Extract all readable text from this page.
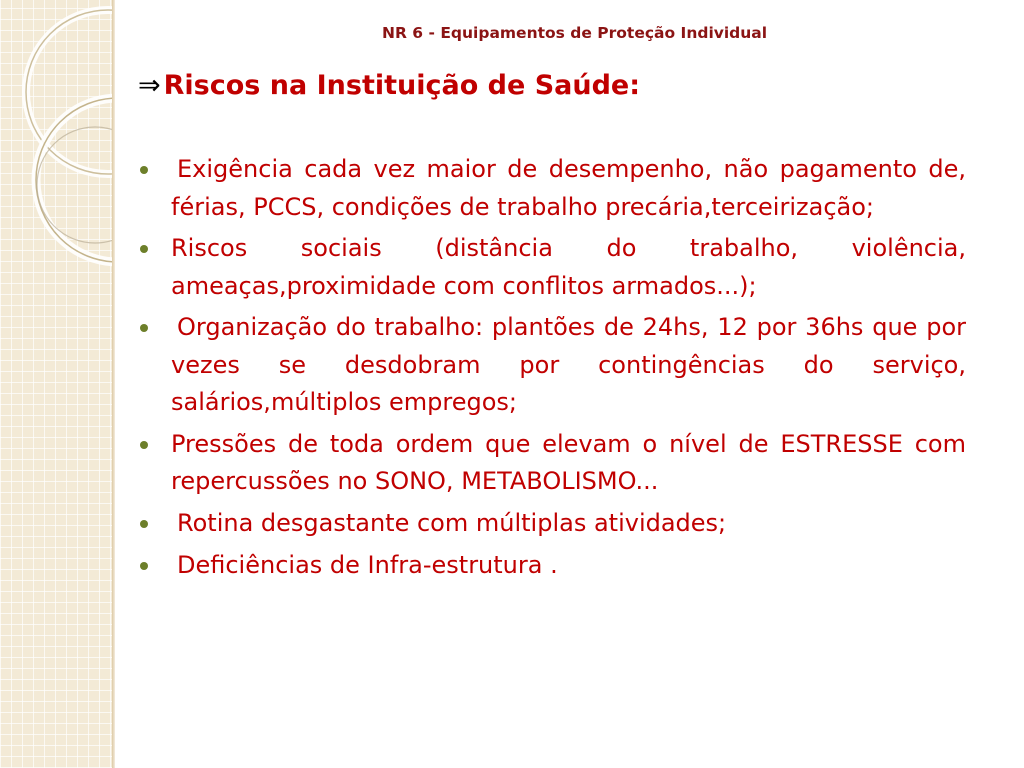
NR 6 - Equipamentos de Proteção Individual
⇒ Riscos na Instituição de Saúde:
Exigência cada vez maior de desempenho, não pagamento de, férias, PCCS, condições de trabalho precária,terceirização;
Riscos sociais (distância do trabalho, violência, ameaças,proximidade com conflitos armados...);
Organização do trabalho: plantões de 24hs, 12 por 36hs que por vezes se desdobram por contingências do serviço, salários,múltiplos empregos;
Pressões de toda ordem que elevam o nível de ESTRESSE com repercussões no SONO, METABOLISMO...
Rotina desgastante com múltiplas atividades;
Deficiências de Infra-estrutura .
